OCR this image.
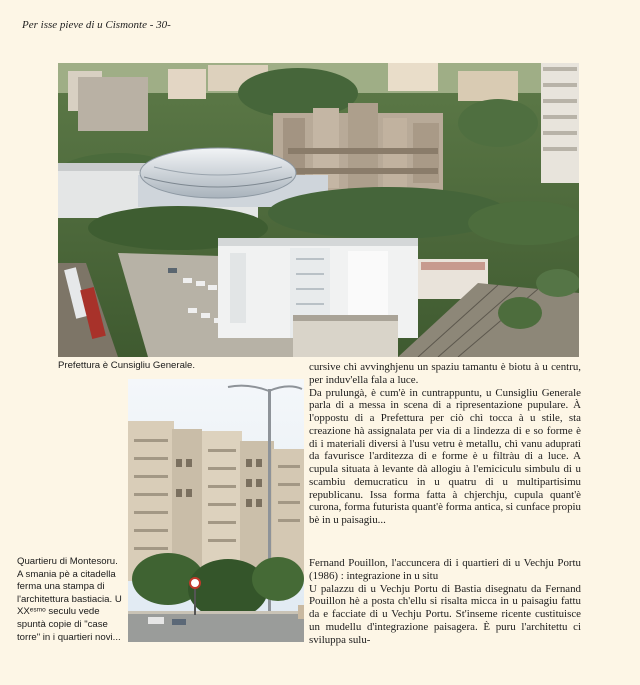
Per isse pieve di u Cismonte - 30-
Prefettura è Cunsigliu Generale.
Quartieru di Montesoru. A smania pè a citadella ferma una stampa di l'architettura bastiacia. U XXᵉˢᵐᵒ seculu vede spuntà copie di "case torre" in i quartieri novi...

cursive chì avvinghjenu un spaziu tamantu è biotu à u centru, per induv'ella fala a luce.

Da prulungà, è cum'è in cuntrappuntu, u Cunsigliu Generale parla di a messa in scena di a ripresentazione pupulare. À l'oppostu di a Prefettura per ciò chì tocca à u stile, sta creazione hà assignalata per via di a lindezza di e so forme è di i materiali diversi à l'usu vetru è metallu, chì vanu adupratì da favurisce l'arditezza di e forme è u filtràu di a luce. A cupula situata à levante dà allogiu à l'emiciculu simbulu di u scambiu demucraticu in u quatru di u multipartisimu republicanu. Issa forma fatta à chjerchju, cupula quant'è curona, forma futurista quant'è forma antica, si cunface propiu bè in u paisagiu...

Fernand Pouillon, l'accuncera di i quartieri di u Vechju Portu (1986) : integrazione in u situ

U palazzu di u Vechju Portu di Bastia disegnatu da Fernand Pouillon hè a posta ch'ellu si risalta micca in u paisagiu fattu da e facciate di u Vechju Portu. St'inseme ricente custituisce un mudellu d'integrazione paisagera. È puru l'architettu ci sviluppa sulu-
